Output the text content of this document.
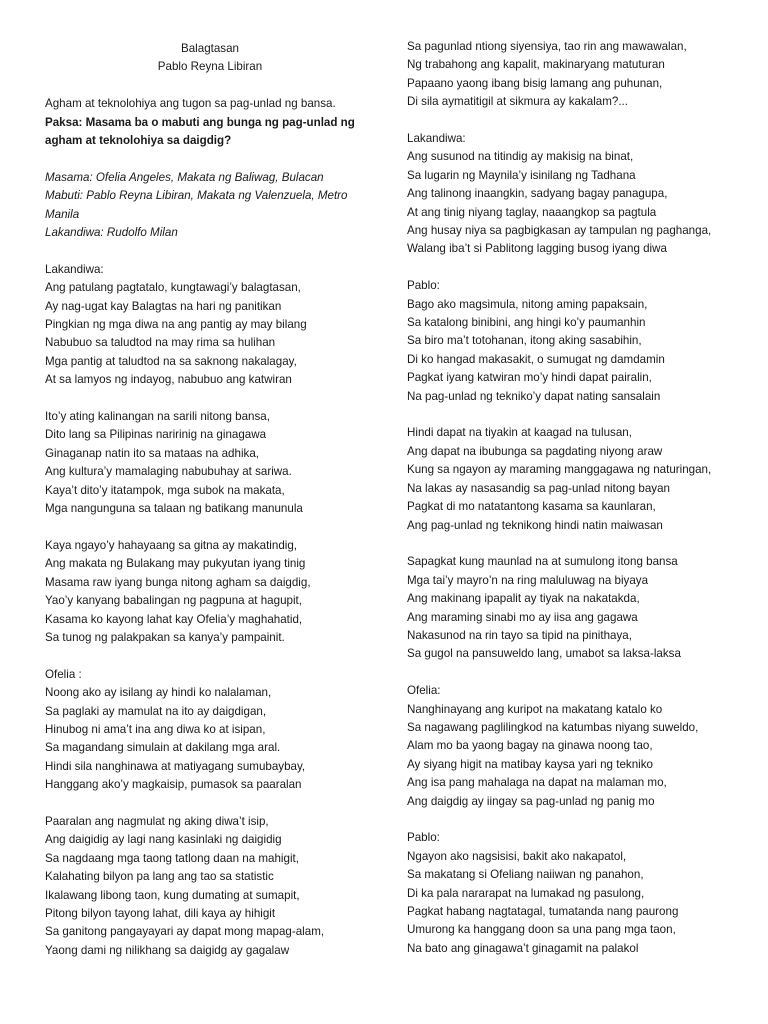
Balagtasan
Pablo Reyna Libiran
Agham at teknolohiya ang tugon sa pag-unlad ng bansa.
Paksa: Masama ba o mabuti ang bunga ng pag-unlad ng agham at teknolohiya sa daigdig?
Masama: Ofelia Angeles, Makata ng Baliwag, Bulacan
Mabuti: Pablo Reyna Libiran, Makata ng Valenzuela, Metro Manila
Lakandiwa: Rudolfo Milan
Lakandiwa:
Ang patulang pagtatalo, kungtawagi’y balagtasan,
Ay nag-ugat kay Balagtas na hari ng panitikan
Pingkian ng mga diwa na ang pantig ay may bilang
Nabubuo sa taludtod na may rima sa hulihan
Mga pantig at taludtod na sa saknong nakalagay,
At sa lamyos ng indayog, nabubuo ang katwiran
Ito’y ating kalinangan na sarili nitong bansa,
Dito lang sa Pilipinas naririnig na ginagawa
Ginaganap natin ito sa mataas na adhika,
Ang kultura’y mamalaging nabubuhay at sariwa.
Kaya’t dito’y itatampok, mga subok na makata,
Mga nangunguna sa talaan ng batikang manunula
Kaya ngayo’y hahayaang sa gitna ay makatindig,
Ang makata ng Bulakang may pukyutan iyang tinig
Masama raw iyang bunga nitong agham sa daigdig,
Yao’y kanyang babalingan ng pagpuna at hagupit,
Kasama ko kayong lahat kay Ofelia’y maghahatid,
Sa tunog ng palakpakan sa kanya’y pampainit.
Ofelia :
Noong ako ay isilang ay hindi ko nalalaman,
Sa paglaki ay mamulat na ito ay daigdigan,
Hinubog ni ama’t ina ang diwa ko at isipan,
Sa magandang simulain at dakilang mga aral.
Hindi sila nanghinawa at matiyagang sumubaybay,
Hanggang ako’y magkaisip, pumasok sa paaralan
Paaralan ang nagmulat ng aking diwa’t isip,
Ang daigidig ay lagi nang kasinlaki ng daigidig
Sa nagdaang mga taong tatlong daan na mahigit,
Kalahating bilyon pa lang ang tao sa statistic
Ikalawang libong taon, kung dumating at sumapit,
Pitong bilyon tayong lahat, dili kaya ay hihigit
Sa ganitong pangayayari ay dapat mong mapag-alam,
Yaong dami ng nilikhang sa daigidg ay gagalaw
Sa pagunlad ntiong siyensiya, tao rin ang mawawalan,
Ng trabahong ang kapalit, makinaryang matuturan
Papaano yaong ibang bisig lamang ang puhunan,
Di sila aymatitigil at sikmura ay kakalam?...
Lakandiwa:
Ang susunod na titindig ay makisig na binat,
Sa lugarin ng Maynila’y isinilang ng Tadhana
Ang talinong inaangkin, sadyang bagay panagupa,
At ang tinig niyang taglay, naaangkop sa pagtula
Ang husay niya sa pagbigkasan ay tampulan ng paghanga,
Walang iba’t si Pablitong lagging busog iyang diwa
Pablo:
Bago ako magsimula, nitong aming papaksain,
Sa katalong binibini, ang hingi ko’y paumanhin
Sa biro ma’t totohanan, itong aking sasabihin,
Di ko hangad makasakit, o sumugat ng damdamin
Pagkat iyang katwiran mo’y hindi dapat pairalin,
Na pag-unlad ng tekniko’y dapat nating sansalain
Hindi dapat na tiyakin at kaagad na tulusan,
Ang dapat na ibubunga sa pagdating niyong araw
Kung sa ngayon ay maraming manggagawa ng naturingan,
Na lakas ay nasasandig sa pag-unlad nitong bayan
Pagkat di mo natatantong kasama sa kaunlaran,
Ang pag-unlad ng teknikong hindi natin maiwasan
Sapagkat kung maunlad na at sumulong itong bansa
Mga tai’y mayro’n na ring maluluwag na biyaya
Ang makinang ipapalit ay tiyak na nakatakda,
Ang maraming sinabi mo ay iisa ang gagawa
Nakasunod na rin tayo sa tipid na pinithaya,
Sa gugol na pansuweldo lang, umabot sa laksa-laksa
Ofelia:
Nanghinayang ang kuripot na makatang katalo ko
Sa nagawang paglilingkod na katumbas niyang suweldo,
Alam mo ba yaong bagay na ginawa noong tao,
Ay siyang higit na matibay kaysa yari ng tekniko
Ang isa pang mahalaga na dapat na malaman mo,
Ang daigdig ay iingay sa pag-unlad ng panig mo
Pablo:
Ngayon ako nagsisisi, bakit ako nakapatol,
Sa makatang si Ofeliang naiiwan ng panahon,
Di ka pala nararapat na lumakad ng pasulong,
Pagkat habang nagtatagal, tumatanda nang paurong
Umurong ka hanggang doon sa una pang mga taon,
Na bato ang ginagawa’t ginagamit na palakol
